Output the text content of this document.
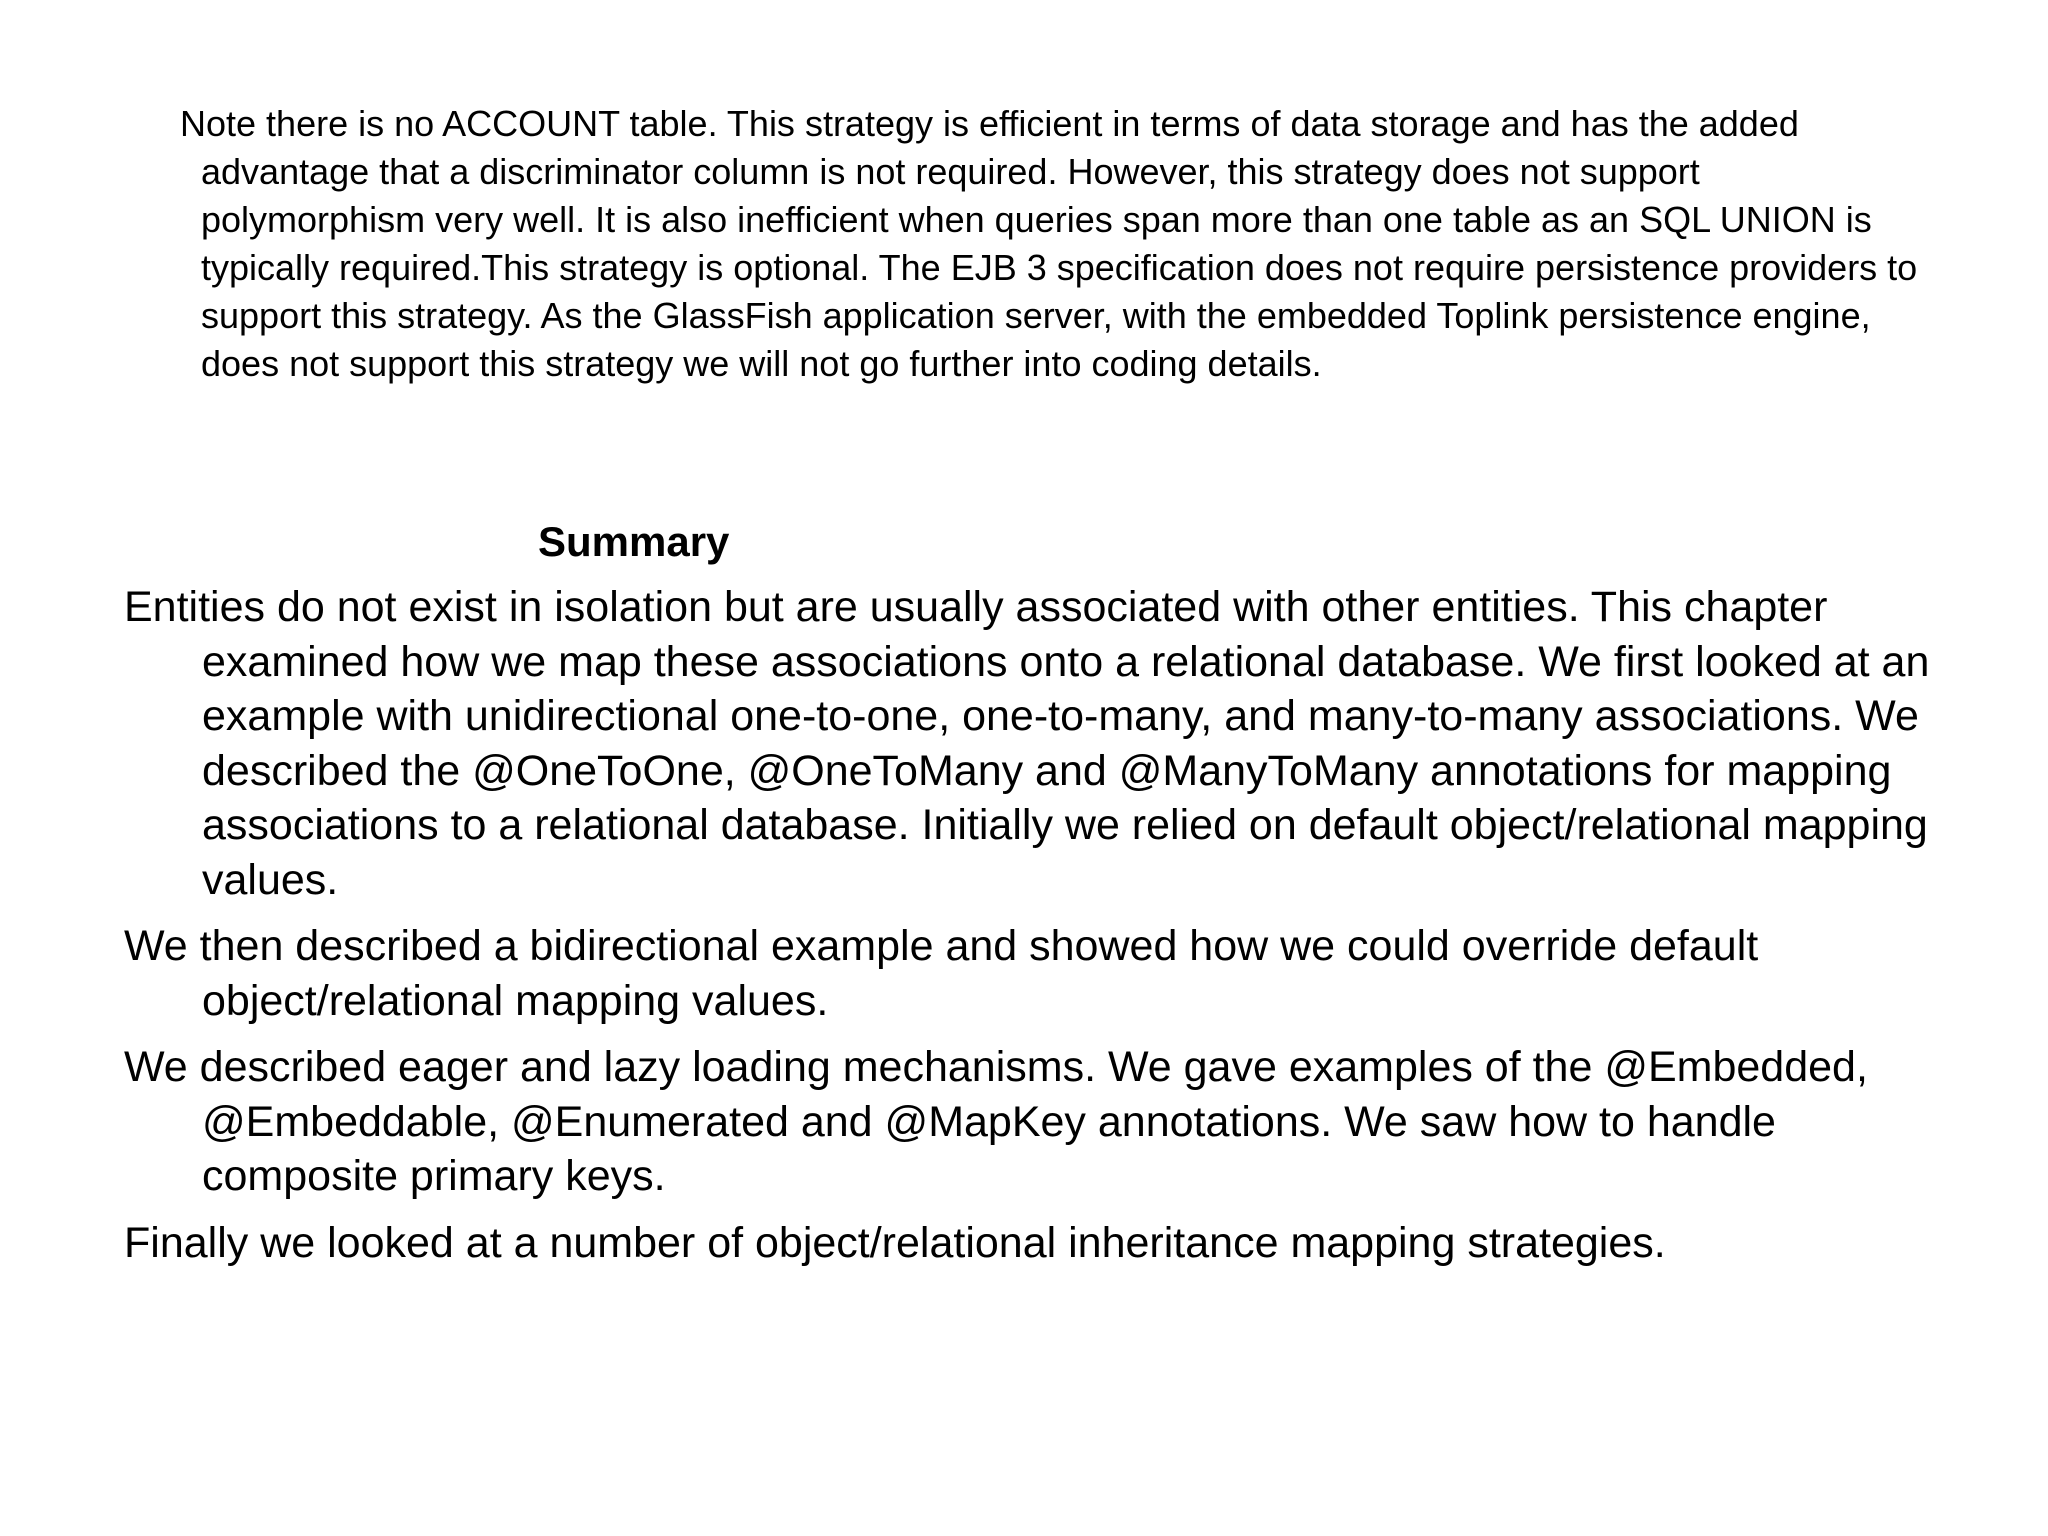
Note there is no ACCOUNT table. This strategy is efficient in terms of data storage and has the added advantage that a discriminator column is not required. However, this strategy does not support polymorphism very well. It is also inefficient when queries span more than one table as an SQL UNION is typically required.This strategy is optional. The EJB 3 specification does not require persistence providers to support this strategy. As the GlassFish application server, with the embedded Toplink persistence engine, does not support this strategy we will not go further into coding details.

Summary

Entities do not exist in isolation but are usually associated with other entities. This chapter examined how we map these associations onto a relational database. We first looked at an example with unidirectional one-to-one, one-to-many, and many-to-many associations. We described the @OneToOne, @OneToMany and @ManyToMany annotations for mapping associations to a relational database. Initially we relied on default object/relational mapping values.

We then described a bidirectional example and showed how we could override default object/relational mapping values.

We described eager and lazy loading mechanisms. We gave examples of the @Embedded, @Embeddable, @Enumerated and @MapKey annotations. We saw how to handle composite primary keys.

Finally we looked at a number of object/relational inheritance mapping strategies.
